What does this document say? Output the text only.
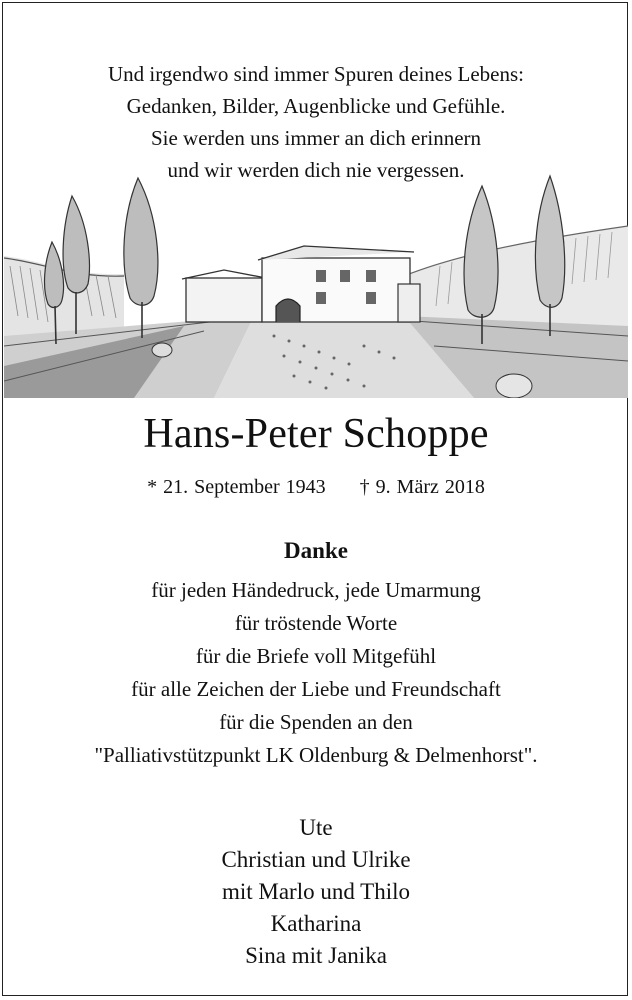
Und irgendwo sind immer Spuren deines Lebens:
Gedanken, Bilder, Augenblicke und Gefühle.
Sie werden uns immer an dich erinnern
und wir werden dich nie vergessen.
Hans-Peter Schoppe
* 21. September 1943 † 9. März 2018
Danke
für jeden Händedruck, jede Umarmung
für tröstende Worte
für die Briefe voll Mitgefühl
für alle Zeichen der Liebe und Freundschaft
für die Spenden an den
"Palliativstützpunkt LK Oldenburg & Delmenhorst".
Ute
Christian und Ulrike
mit Marlo und Thilo
Katharina
Sina mit Janika
